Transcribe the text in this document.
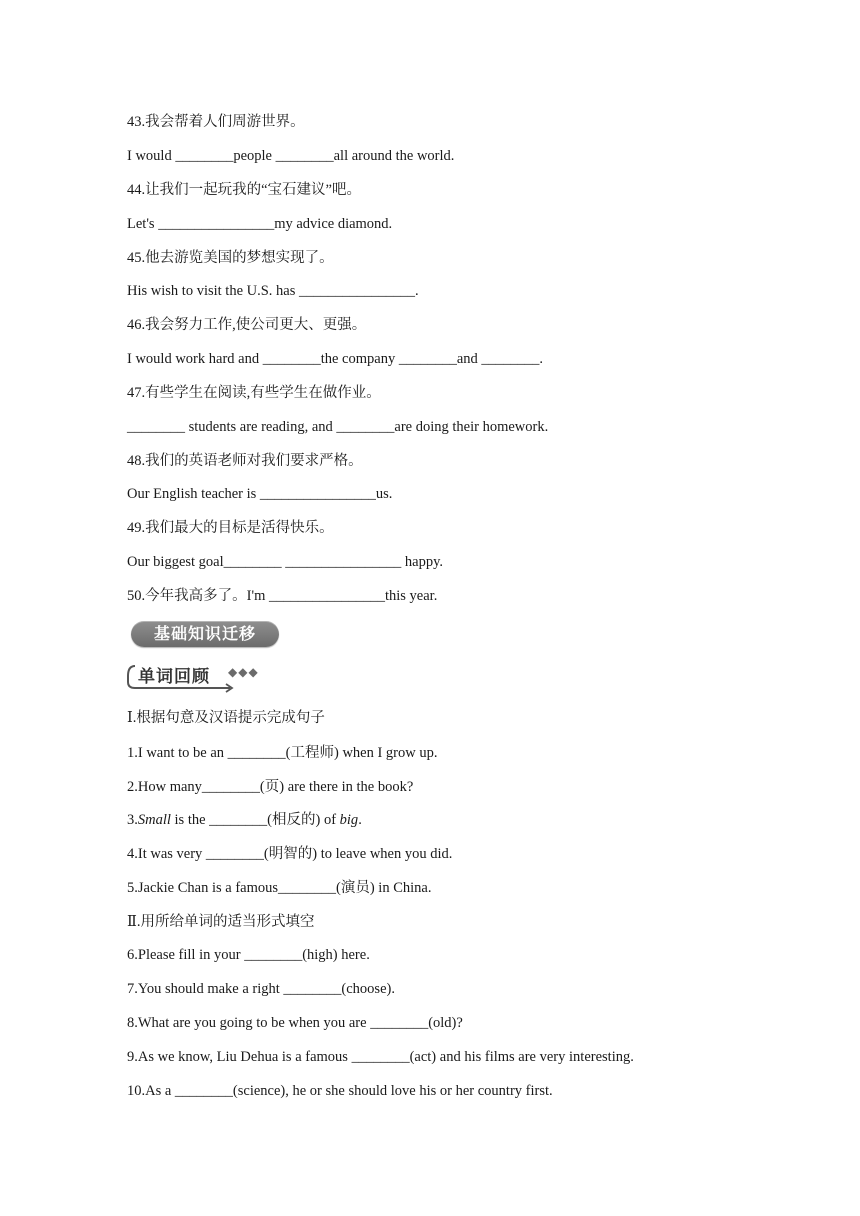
43.我会帮着人们周游世界。
I would ________people ________all around the world.
44.让我们一起玩我的“宝石建议”吧。
Let's ________________my advice diamond.
45.他去游览美国的梦想实现了。
His wish to visit the U.S. has ________________.
46.我会努力工作,使公司更大、更强。
I would work hard and ________the company ________and ________.
47.有些学生在阅读,有些学生在做作业。
________ students are reading, and ________are doing their homework.
48.我们的英语老师对我们要求严格。
Our English teacher is ________________us.
49.我们最大的目标是活得快乐。
Our biggest goal________ ________________ happy.
50.今年我高多了。I'm ________________this year.
基础知识迁移
单词回顾 ◆◆◆
Ⅰ.根据句意及汉语提示完成句子
1.I want to be an ________(工程师) when I grow up.
2.How many________(页) are there in the book?
3.Small is the ________(相反的) of big.
4.It was very ________(明智的) to leave when you did.
5.Jackie Chan is a famous________(演员) in China.
Ⅱ.用所给单词的适当形式填空
6.Please fill in your ________(high) here.
7.You should make a right ________(choose).
8.What are you going to be when you are ________(old)?
9.As we know, Liu Dehua is a famous ________(act) and his films are very interesting.
10.As a ________(science), he or she should love his or her country first.
